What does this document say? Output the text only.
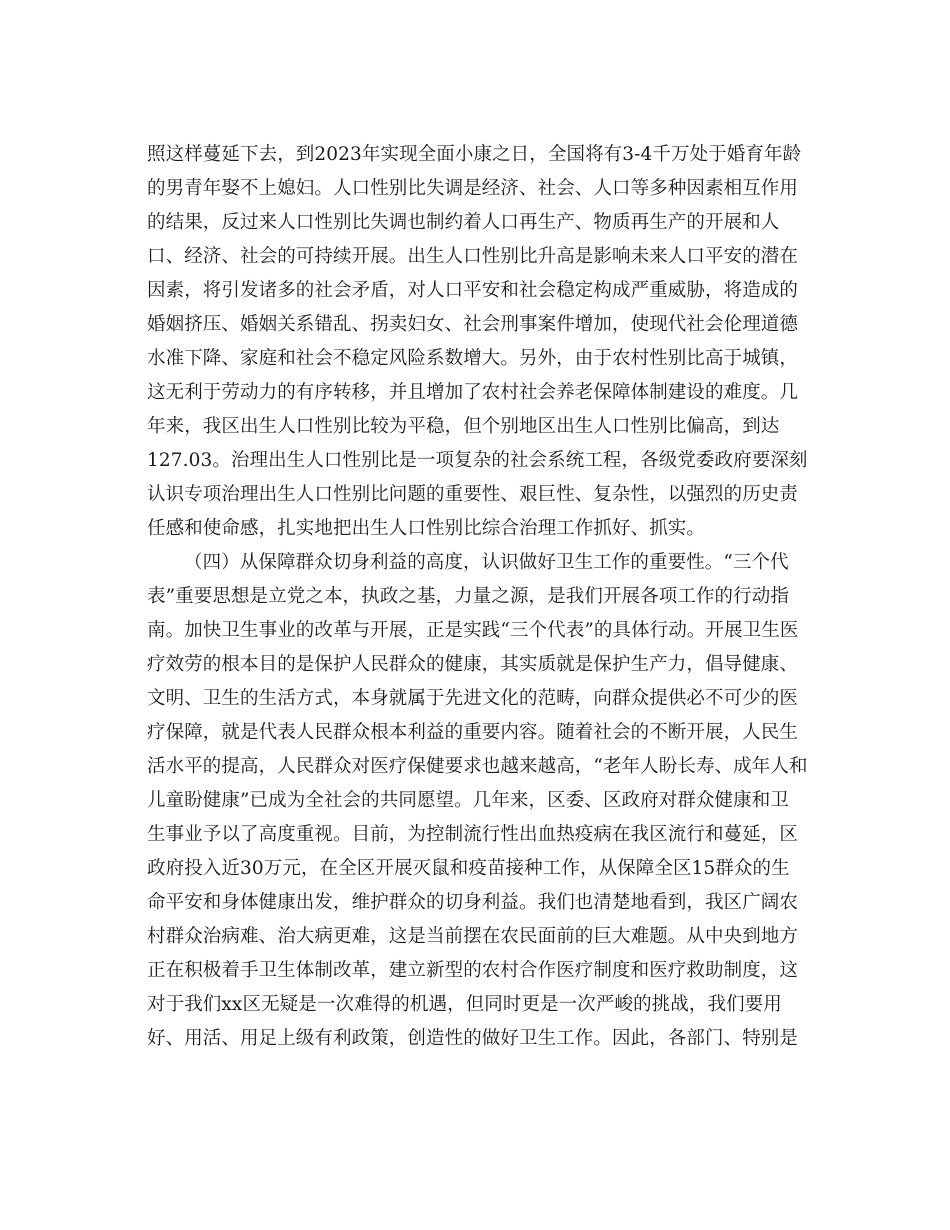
照这样蔓延下去，到2023年实现全面小康之日，全国将有3-4千万处于婚育年龄
的男青年娶不上媳妇。人口性别比失调是经济、社会、人口等多种因素相互作用
的结果，反过来人口性别比失调也制约着人口再生产、物质再生产的开展和人
口、经济、社会的可持续开展。出生人口性别比升高是影响未来人口平安的潜在
因素，将引发诸多的社会矛盾，对人口平安和社会稳定构成严重威胁，将造成的
婚姻挤压、婚姻关系错乱、拐卖妇女、社会刑事案件增加，使现代社会伦理道德
水准下降、家庭和社会不稳定风险系数增大。另外，由于农村性别比高于城镇，
这无利于劳动力的有序转移，并且增加了农村社会养老保障体制建设的难度。几
年来，我区出生人口性别比较为平稳，但个别地区出生人口性别比偏高，到达
127.03。治理出生人口性别比是一项复杂的社会系统工程，各级党委政府要深刻
认识专项治理出生人口性别比问题的重要性、艰巨性、复杂性，以强烈的历史责
任感和使命感，扎实地把出生人口性别比综合治理工作抓好、抓实。
（四）从保障群众切身利益的高度，认识做好卫生工作的重要性。“三个代
表”重要思想是立党之本，执政之基，力量之源，是我们开展各项工作的行动指
南。加快卫生事业的改革与开展，正是实践“三个代表”的具体行动。开展卫生医
疗效劳的根本目的是保护人民群众的健康，其实质就是保护生产力，倡导健康、
文明、卫生的生活方式，本身就属于先进文化的范畴，向群众提供必不可少的医
疗保障，就是代表人民群众根本利益的重要内容。随着社会的不断开展，人民生
活水平的提高，人民群众对医疗保健要求也越来越高，“老年人盼长寿、成年人和
儿童盼健康”已成为全社会的共同愿望。几年来，区委、区政府对群众健康和卫
生事业予以了高度重视。目前，为控制流行性出血热疫病在我区流行和蔓延，区
政府投入近30万元，在全区开展灭鼠和疫苗接种工作，从保障全区15群众的生
命平安和身体健康出发，维护群众的切身利益。我们也清楚地看到，我区广阔农
村群众治病难、治大病更难，这是当前摆在农民面前的巨大难题。从中央到地方
正在积极着手卫生体制改革，建立新型的农村合作医疗制度和医疗救助制度，这
对于我们xx区无疑是一次难得的机遇，但同时更是一次严峻的挑战，我们要用
好、用活、用足上级有利政策，创造性的做好卫生工作。因此，各部门、特别是
